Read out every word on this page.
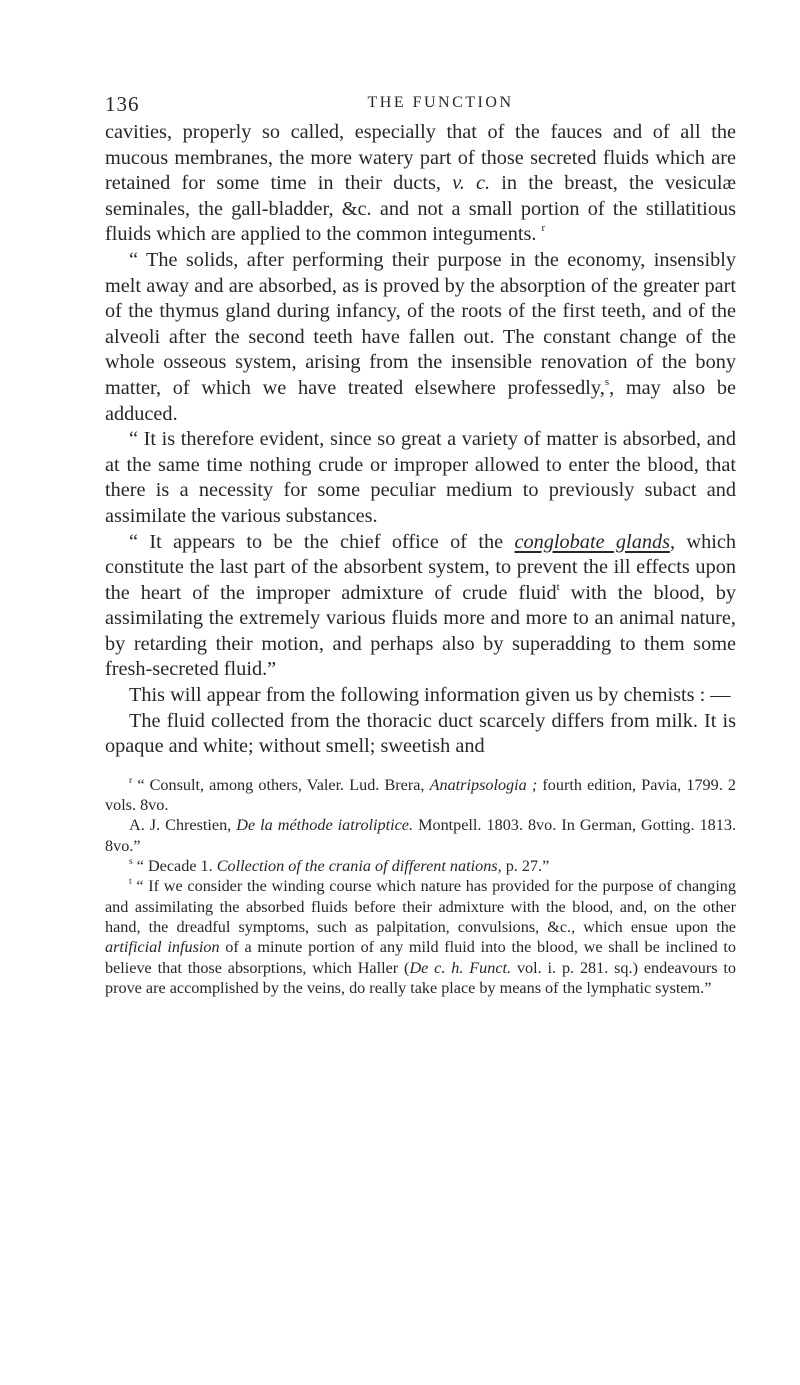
136	THE FUNCTION

cavities, properly so called, especially that of the fauces and of all the mucous membranes, the more watery part of those secreted fluids which are retained for some time in their ducts, v. c. in the breast, the vesiculæ seminales, the gall-bladder, &c. and not a small portion of the stillatitious fluids which are applied to the common integuments. $^r$

“ The solids, after performing their purpose in the economy, insensibly melt away and are absorbed, as is proved by the absorption of the greater part of the thymus gland during infancy, of the roots of the first teeth, and of the alveoli after the second teeth have fallen out. The constant change of the whole osseous system, arising from the insensible renovation of the bony matter, of which we have treated elsewhere professedly,$^s$, may also be adduced.

“ It is therefore evident, since so great a variety of matter is absorbed, and at the same time nothing crude or improper allowed to enter the blood, that there is a necessity for some peculiar medium to previously subact and assimilate the various substances.

“ It appears to be the chief office of the conglobate glands, which constitute the last part of the absorbent system, to prevent the ill effects upon the heart of the improper admixture of crude fluid$^t$ with the blood, by assimilating the extremely various fluids more and more to an animal nature, by retarding their motion, and perhaps also by superadding to them some fresh-secreted fluid.”

This will appear from the following information given us by chemists : —

The fluid collected from the thoracic duct scarcely differs from milk. It is opaque and white; without smell; sweetish and

$^r$ “ Consult, among others, Valer. Lud. Brera, Anatripsologia ; fourth edition, Pavia, 1799. 2 vols. 8vo.

A. J. Chrestien, De la méthode iatroliptice. Montpell. 1803. 8vo. In German, Gotting. 1813. 8vo.”

$^s$ “ Decade 1. Collection of the crania of different nations, p. 27.”

$^t$ “ If we consider the winding course which nature has provided for the purpose of changing and assimilating the absorbed fluids before their admixture with the blood, and, on the other hand, the dreadful symptoms, such as palpitation, convulsions, &c., which ensue upon the artificial infusion of a minute portion of any mild fluid into the blood, we shall be inclined to believe that those absorptions, which Haller (De c. h. Funct. vol. i. p. 281. sq.) endeavours to prove are accomplished by the veins, do really take place by means of the lymphatic system.”
